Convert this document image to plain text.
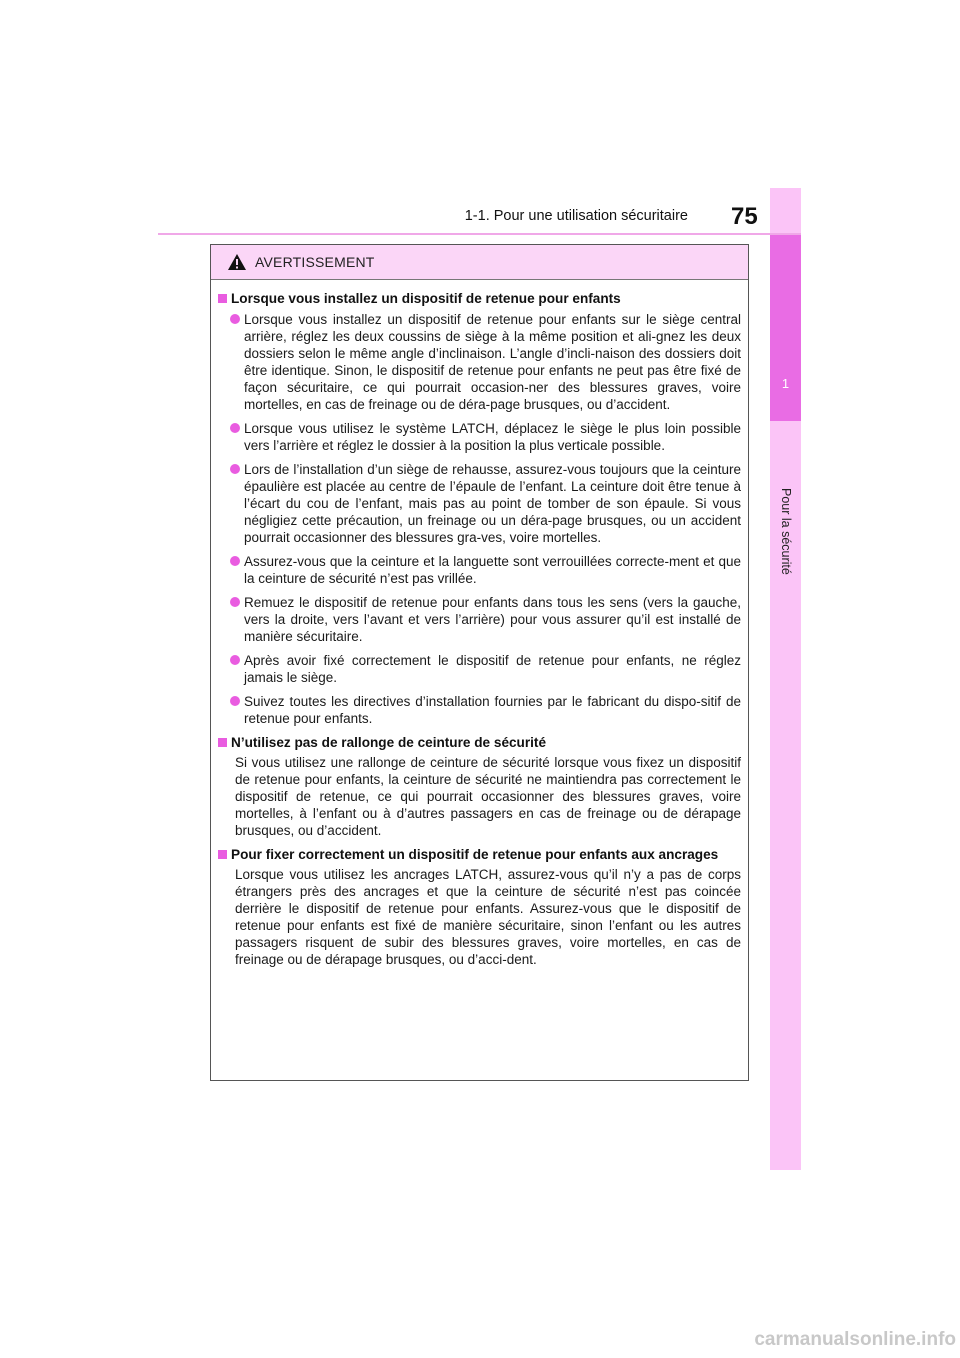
1
Pour la sécurité
1-1. Pour une utilisation sécuritaire 75
AVERTISSEMENT
Lorsque vous installez un dispositif de retenue pour enfants
Lorsque vous installez un dispositif de retenue pour enfants sur le siège central arrière, réglez les deux coussins de siège à la même position et ali-gnez les deux dossiers selon le même angle d’inclinaison. L’angle d’incli-naison des dossiers doit être identique. Sinon, le dispositif de retenue pour enfants ne peut pas être fixé de façon sécuritaire, ce qui pourrait occasion-ner des blessures graves, voire mortelles, en cas de freinage ou de déra-page brusques, ou d’accident.
Lorsque vous utilisez le système LATCH, déplacez le siège le plus loin possible vers l’arrière et réglez le dossier à la position la plus verticale possible.
Lors de l’installation d’un siège de rehausse, assurez-vous toujours que la ceinture épaulière est placée au centre de l’épaule de l’enfant. La ceinture doit être tenue à l’écart du cou de l’enfant, mais pas au point de tomber de son épaule. Si vous négligiez cette précaution, un freinage ou un déra-page brusques, ou un accident pourrait occasionner des blessures gra-ves, voire mortelles.
Assurez-vous que la ceinture et la languette sont verrouillées correcte-ment et que la ceinture de sécurité n’est pas vrillée.
Remuez le dispositif de retenue pour enfants dans tous les sens (vers la gauche, vers la droite, vers l’avant et vers l’arrière) pour vous assurer qu’il est installé de manière sécuritaire.
Après avoir fixé correctement le dispositif de retenue pour enfants, ne réglez jamais le siège.
Suivez toutes les directives d’installation fournies par le fabricant du dispo-sitif de retenue pour enfants.
N’utilisez pas de rallonge de ceinture de sécurité
Si vous utilisez une rallonge de ceinture de sécurité lorsque vous fixez un dispositif de retenue pour enfants, la ceinture de sécurité ne maintiendra pas correctement le dispositif de retenue, ce qui pourrait occasionner des blessures graves, voire mortelles, à l’enfant ou à d’autres passagers en cas de freinage ou de dérapage brusques, ou d’accident.
Pour fixer correctement un dispositif de retenue pour enfants aux ancrages
Lorsque vous utilisez les ancrages LATCH, assurez-vous qu’il n’y a pas de corps étrangers près des ancrages et que la ceinture de sécurité n’est pas coincée derrière le dispositif de retenue pour enfants. Assurez-vous que le dispositif de retenue pour enfants est fixé de manière sécuritaire, sinon l’enfant ou les autres passagers risquent de subir des blessures graves, voire mortelles, en cas de freinage ou de dérapage brusques, ou d’acci-dent.
carmanualsonline.info
